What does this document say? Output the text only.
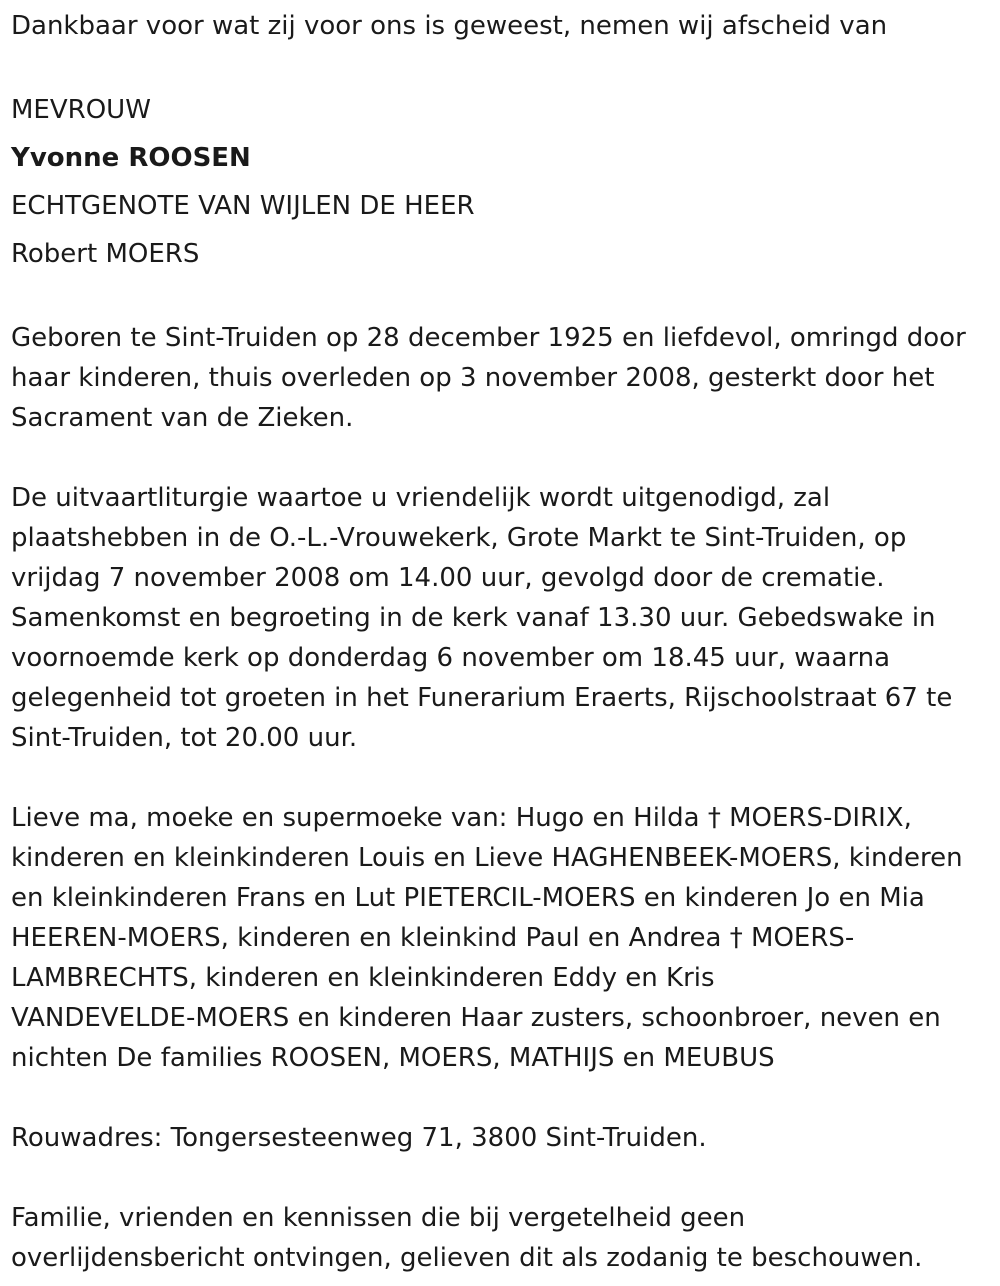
Dankbaar voor wat zij voor ons is geweest, nemen wij afscheid van
MEVROUW
Yvonne ROOSEN
ECHTGENOTE VAN WIJLEN DE HEER
Robert MOERS

Geboren te Sint-Truiden op 28 december 1925 en liefdevol, omringd door

haar kinderen, thuis overleden op 3 november 2008, gesterkt door het

Sacrament van de Zieken.

De uitvaartliturgie waartoe u vriendelijk wordt uitgenodigd, zal

plaatshebben in de O.-L.-Vrouwekerk, Grote Markt te Sint-Truiden, op

vrijdag 7 november 2008 om 14.00 uur, gevolgd door de crematie.

Samenkomst en begroeting in de kerk vanaf 13.30 uur. Gebedswake in

voornoemde kerk op donderdag 6 november om 18.45 uur, waarna

gelegenheid tot groeten in het Funerarium Eraerts, Rijschoolstraat 67 te

Sint-Truiden, tot 20.00 uur.

Lieve ma, moeke en supermoeke van: Hugo en Hilda † MOERS-DIRIX,

kinderen en kleinkinderen Louis en Lieve HAGHENBEEK-MOERS, kinderen

en kleinkinderen Frans en Lut PIETERCIL-MOERS en kinderen Jo en Mia

HEEREN-MOERS, kinderen en kleinkind Paul en Andrea † MOERS-

LAMBRECHTS, kinderen en kleinkinderen Eddy en Kris

VANDEVELDE-MOERS en kinderen Haar zusters, schoonbroer, neven en

nichten De families ROOSEN, MOERS, MATHIJS en MEUBUS

Rouwadres: Tongersesteenweg 71, 3800 Sint-Truiden.

Familie, vrienden en kennissen die bij vergetelheid geen

overlijdensbericht ontvingen, gelieven dit als zodanig te beschouwen.
